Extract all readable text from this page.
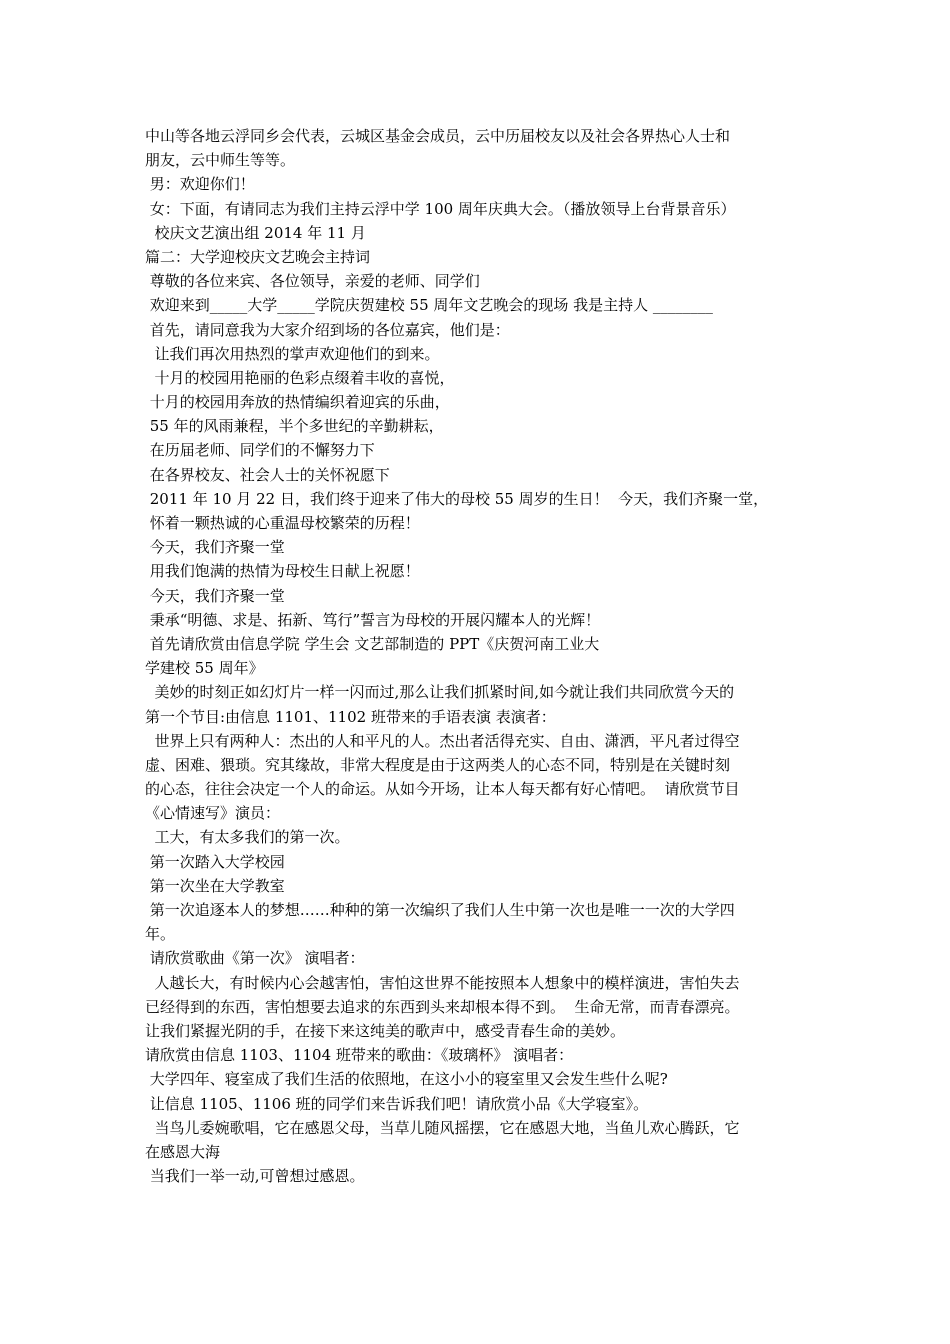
中山等各地云浮同乡会代表，云城区基金会成员，云中历届校友以及社会各界热心人士和
朋友，云中师生等等。
男：欢迎你们！
女：下面，有请同志为我们主持云浮中学 100 周年庆典大会。（播放领导上台背景音乐）
校庆文艺演出组 2014 年 11 月
篇二：大学迎校庆文艺晚会主持词
尊敬的各位来宾、各位领导，亲爱的老师、同学们
欢迎来到_____大学_____学院庆贺建校 55 周年文艺晚会的现场 我是主持人 ________
首先，请同意我为大家介绍到场的各位嘉宾，他们是：
让我们再次用热烈的掌声欢迎他们的到来。
十月的校园用艳丽的色彩点缀着丰收的喜悦，
十月的校园用奔放的热情编织着迎宾的乐曲，
55 年的风雨兼程，半个多世纪的辛勤耕耘，
在历届老师、同学们的不懈努力下
在各界校友、社会人士的关怀祝愿下
2011 年 10 月 22 日，我们终于迎来了伟大的母校 55 周岁的生日！  今天，我们齐聚一堂，
怀着一颗热诚的心重温母校繁荣的历程！
今天，我们齐聚一堂
用我们饱满的热情为母校生日献上祝愿！
今天，我们齐聚一堂
秉承“明德、求是、拓新、笃行”誓言为母校的开展闪耀本人的光辉！
首先请欣赏由信息学院 学生会 文艺部制造的 PPT《庆贺河南工业大
学建校 55 周年》
美妙的时刻正如幻灯片一样一闪而过,那么让我们抓紧时间,如今就让我们共同欣赏今天的
第一个节目:由信息 1101、1102 班带来的手语表演 表演者：
世界上只有两种人：杰出的人和平凡的人。杰出者活得充实、自由、潇洒，平凡者过得空
虚、困难、猥琐。究其缘故，非常大程度是由于这两类人的心态不同，特别是在关键时刻
的心态，往往会决定一个人的命运。从如今开场，让本人每天都有好心情吧。  请欣赏节目
《心情速写》演员：
工大，有太多我们的第一次。
第一次踏入大学校园
第一次坐在大学教室
第一次追逐本人的梦想……种种的第一次编织了我们人生中第一次也是唯一一次的大学四
年。
请欣赏歌曲《第一次》 演唱者：
人越长大，有时候内心会越害怕，害怕这世界不能按照本人想象中的模样演进，害怕失去
已经得到的东西，害怕想要去追求的东西到头来却根本得不到。  生命无常，而青春漂亮。
让我们紧握光阴的手，在接下来这纯美的歌声中，感受青春生命的美妙。
请欣赏由信息 1103、1104 班带来的歌曲：《玻璃杯》 演唱者：
大学四年、寝室成了我们生活的依照地，在这小小的寝室里又会发生些什么呢?
让信息 1105、1106 班的同学们来告诉我们吧！请欣赏小品《大学寝室》。
当鸟儿委婉歌唱，它在感恩父母，当草儿随风摇摆，它在感恩大地，当鱼儿欢心腾跃，它
在感恩大海
当我们一举一动,可曾想过感恩。
